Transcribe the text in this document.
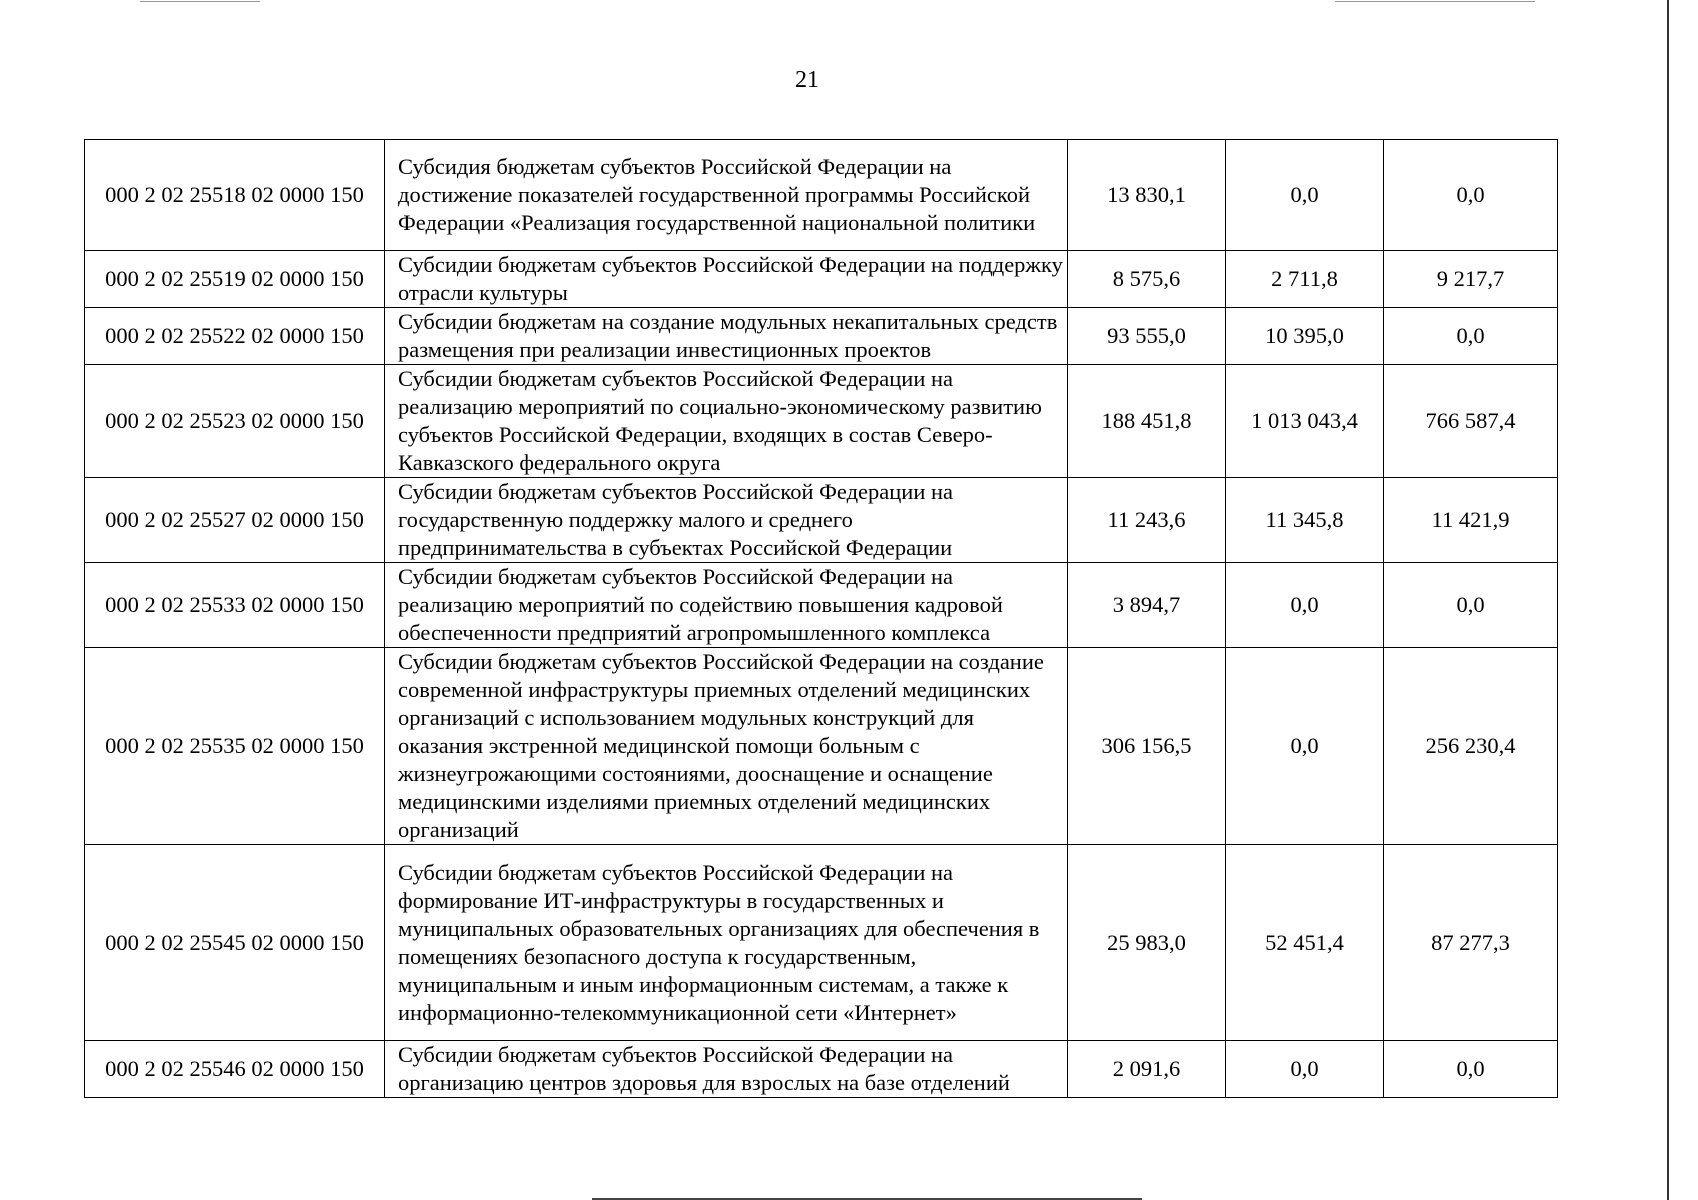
21
000 2 02 25518 02 0000 150	Субсидия бюджетам субъектов Российской Федерации на достижение показателей государственной программы Российской Федерации «Реализация государственной национальной политики	13 830,1	0,0	0,0
000 2 02 25519 02 0000 150	Субсидии бюджетам субъектов Российской Федерации на поддержку отрасли культуры	8 575,6	2 711,8	9 217,7
000 2 02 25522 02 0000 150	Субсидии бюджетам на создание модульных некапитальных средств размещения при реализации инвестиционных проектов	93 555,0	10 395,0	0,0
000 2 02 25523 02 0000 150	Субсидии бюджетам субъектов Российской Федерации на реализацию мероприятий по социально-экономическому развитию субъектов Российской Федерации, входящих в состав Северо-Кавказского федерального округа	188 451,8	1 013 043,4	766 587,4
000 2 02 25527 02 0000 150	Субсидии бюджетам субъектов Российской Федерации на государственную поддержку малого и среднего предпринимательства в субъектах Российской Федерации	11 243,6	11 345,8	11 421,9
000 2 02 25533 02 0000 150	Субсидии бюджетам субъектов Российской Федерации на реализацию мероприятий по содействию повышения кадровой обеспеченности предприятий агропромышленного комплекса	3 894,7	0,0	0,0
000 2 02 25535 02 0000 150	Субсидии бюджетам субъектов Российской Федерации на создание современной инфраструктуры приемных отделений медицинских организаций с использованием модульных конструкций для оказания экстренной медицинской помощи больным с жизнеугрожающими состояниями, дооснащение и оснащение медицинскими изделиями приемных отделений медицинских организаций	306 156,5	0,0	256 230,4
000 2 02 25545 02 0000 150	Субсидии бюджетам субъектов Российской Федерации на формирование ИТ-инфраструктуры в государственных и муниципальных образовательных организациях для обеспечения в помещениях безопасного доступа к государственным, муниципальным и иным информационным системам, а также к информационно-телекоммуникационной сети «Интернет»	25 983,0	52 451,4	87 277,3
000 2 02 25546 02 0000 150	Субсидии бюджетам субъектов Российской Федерации на организацию центров здоровья для взрослых на базе отделений	2 091,6	0,0	0,0
